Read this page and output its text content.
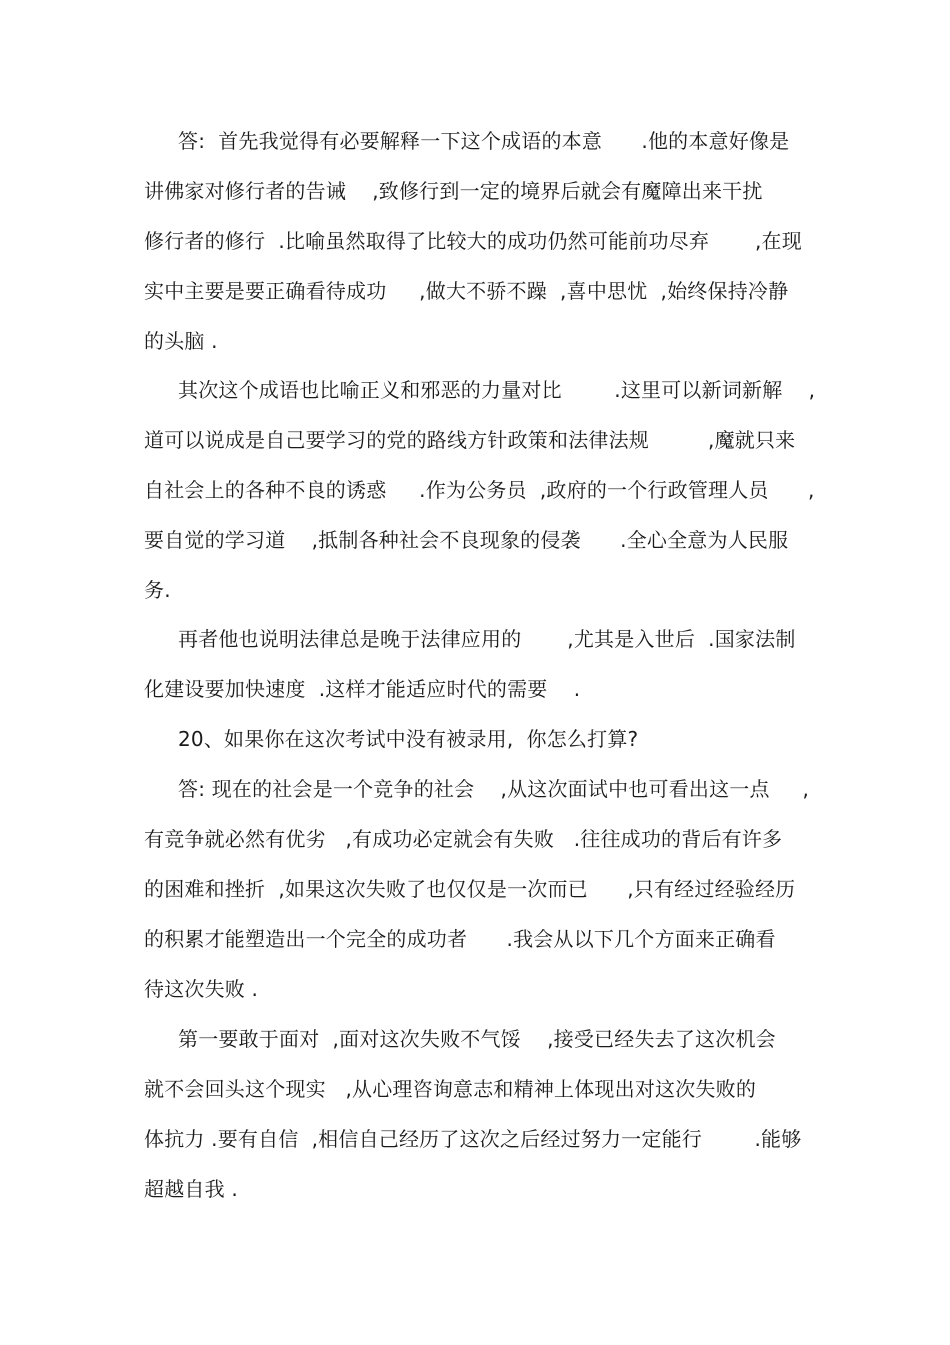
答:  首先我觉得有必要解释一下这个成语的本意      .他的本意好像是
讲佛家对修行者的告诫    ,致修行到一定的境界后就会有魔障出来干扰
修行者的修行  .比喻虽然取得了比较大的成功仍然可能前功尽弃       ,在现
实中主要是要正确看待成功     ,做大不骄不躁  ,喜中思忧  ,始终保持冷静
的头脑 .
其次这个成语也比喻正义和邪恶的力量对比        .这里可以新词新解    ,
道可以说成是自己要学习的党的路线方针政策和法律法规         ,魔就只来
自社会上的各种不良的诱惑     .作为公务员  ,政府的一个行政管理人员      ,
要自觉的学习道    ,抵制各种社会不良现象的侵袭      .全心全意为人民服
务.
再者他也说明法律总是晚于法律应用的       ,尤其是入世后  .国家法制
化建设要加快速度  .这样才能适应时代的需要    .
20、如果你在这次考试中没有被录用,  你怎么打算?
答: 现在的社会是一个竞争的社会    ,从这次面试中也可看出这一点     ,
有竞争就必然有优劣   ,有成功必定就会有失败   .往往成功的背后有许多
的困难和挫折  ,如果这次失败了也仅仅是一次而已      ,只有经过经验经历
的积累才能塑造出一个完全的成功者      .我会从以下几个方面来正确看
待这次失败 .
第一要敢于面对  ,面对这次失败不气馁    ,接受已经失去了这次机会
就不会回头这个现实   ,从心理咨询意志和精神上体现出对这次失败的
体抗力 .要有自信  ,相信自己经历了这次之后经过努力一定能行        .能够
超越自我 .
